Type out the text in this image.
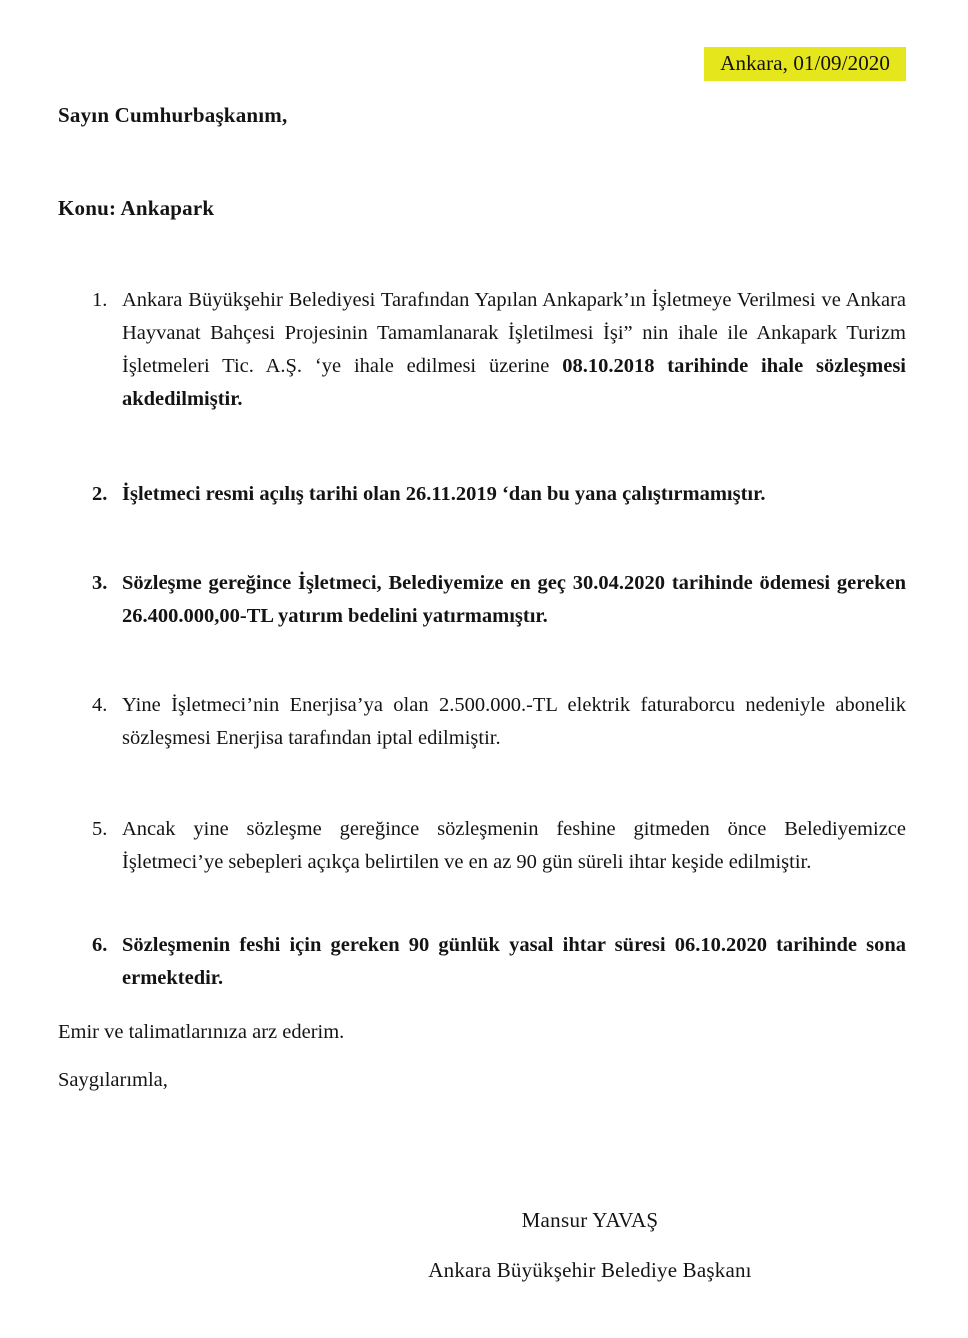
Ankara, 01/09/2020
Sayın Cumhurbaşkanım,
Konu: Ankapark
1. Ankara Büyükşehir Belediyesi Tarafından Yapılan Ankapark’ın İşletmeye Verilmesi ve Ankara Hayvanat Bahçesi Projesinin Tamamlanarak İşletilmesi İşi” nin ihale ile Ankapark Turizm İşletmeleri Tic. A.Ş. ‘ye ihale edilmesi üzerine 08.10.2018 tarihinde ihale sözleşmesi akdedilmiştir.
2. İşletmeci resmi açılış tarihi olan 26.11.2019 ‘dan bu yana çalıştırmamıştır.
3. Sözleşme gereğince İşletmeci, Belediyemize en geç 30.04.2020 tarihinde ödemesi gereken 26.400.000,00-TL yatırım bedelini yatırmamıştır.
4. Yine İşletmeci’nin Enerjisa’ya olan 2.500.000.-TL elektrik faturaborcu nedeniyle abonelik sözleşmesi Enerjisa tarafından iptal edilmiştir.
5. Ancak yine sözleşme gereğince sözleşmenin feshine gitmeden önce Belediyemizce İşletmeci’ye sebepleri açıkça belirtilen ve en az 90 gün süreli ihtar keşide edilmiştir.
6. Sözleşmenin feshi için gereken 90 günlük yasal ihtar süresi 06.10.2020 tarihinde sona ermektedir.
Emir ve talimatlarınıza arz ederim.
Saygılarımla,
Mansur YAVAŞ
Ankara Büyükşehir Belediye Başkanı
